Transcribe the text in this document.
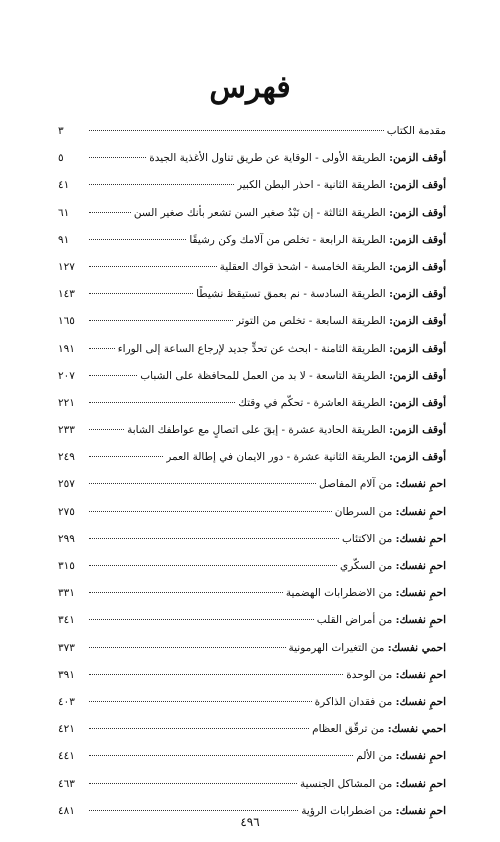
فهرس
مقدمة الكتاب
٣
أوقف الزمن: الطريقة الأولى - الوقاية عن طريق تناول الأغذية الجيدة
٥
أوقف الزمن: الطريقة الثانية - احذر البطن الكبير
٤١
أوقف الزمن: الطريقة الثالثة - إن تَبْدُ صغير السن تشعر بأنك صغير السن
٦١
أوقف الزمن: الطريقة الرابعة - تخلص من آلامك وكن رشيقًا
٩١
أوقف الزمن: الطريقة الخامسة - اشحذ قواك العقلية
١٢٧
أوقف الزمن: الطريقة السادسة - نم بعمق تستيقظ نشيطًا
١٤٣
أوقف الزمن: الطريقة السابعة - تخلص من التوتر
١٦٥
أوقف الزمن: الطريقة الثامنة - ابحث عن تحدٍّ جديد لإرجاع الساعة إلى الوراء
١٩١
أوقف الزمن: الطريقة التاسعة - لا بد من العمل للمحافظة على الشباب
٢٠٧
أوقف الزمن: الطريقة العاشرة - تحكّم في وقتك
٢٢١
أوقف الزمن: الطريقة الحادية عشرة - إبقَ على اتصالٍ مع عواطفك الشابة
٢٣٣
أوقف الزمن: الطريقة الثانية عشرة - دور الايمان في إطالة العمر
٢٤٩
احمِ نفسك: من آلام المفاصل
٢٥٧
احمِ نفسك: من السرطان
٢٧٥
احمِ نفسك: من الاكتئاب
٢٩٩
احمِ نفسك: من السكّري
٣١٥
احمِ نفسك: من الاضطرابات الهضمية
٣٣١
احمِ نفسك: من أمراض القلب
٣٤١
احمي نفسك: من التغيرات الهرمونية
٣٧٣
احمِ نفسك: من الوحدة
٣٩١
احمِ نفسك: من فقدان الذاكرة
٤٠٣
احمي نفسك: من ترقّق العظام
٤٢١
احمِ نفسك: من الألم
٤٤١
احمِ نفسك: من المشاكل الجنسية
٤٦٣
احمِ نفسك: من اضطرابات الرؤية
٤٨١
٤٩٦
